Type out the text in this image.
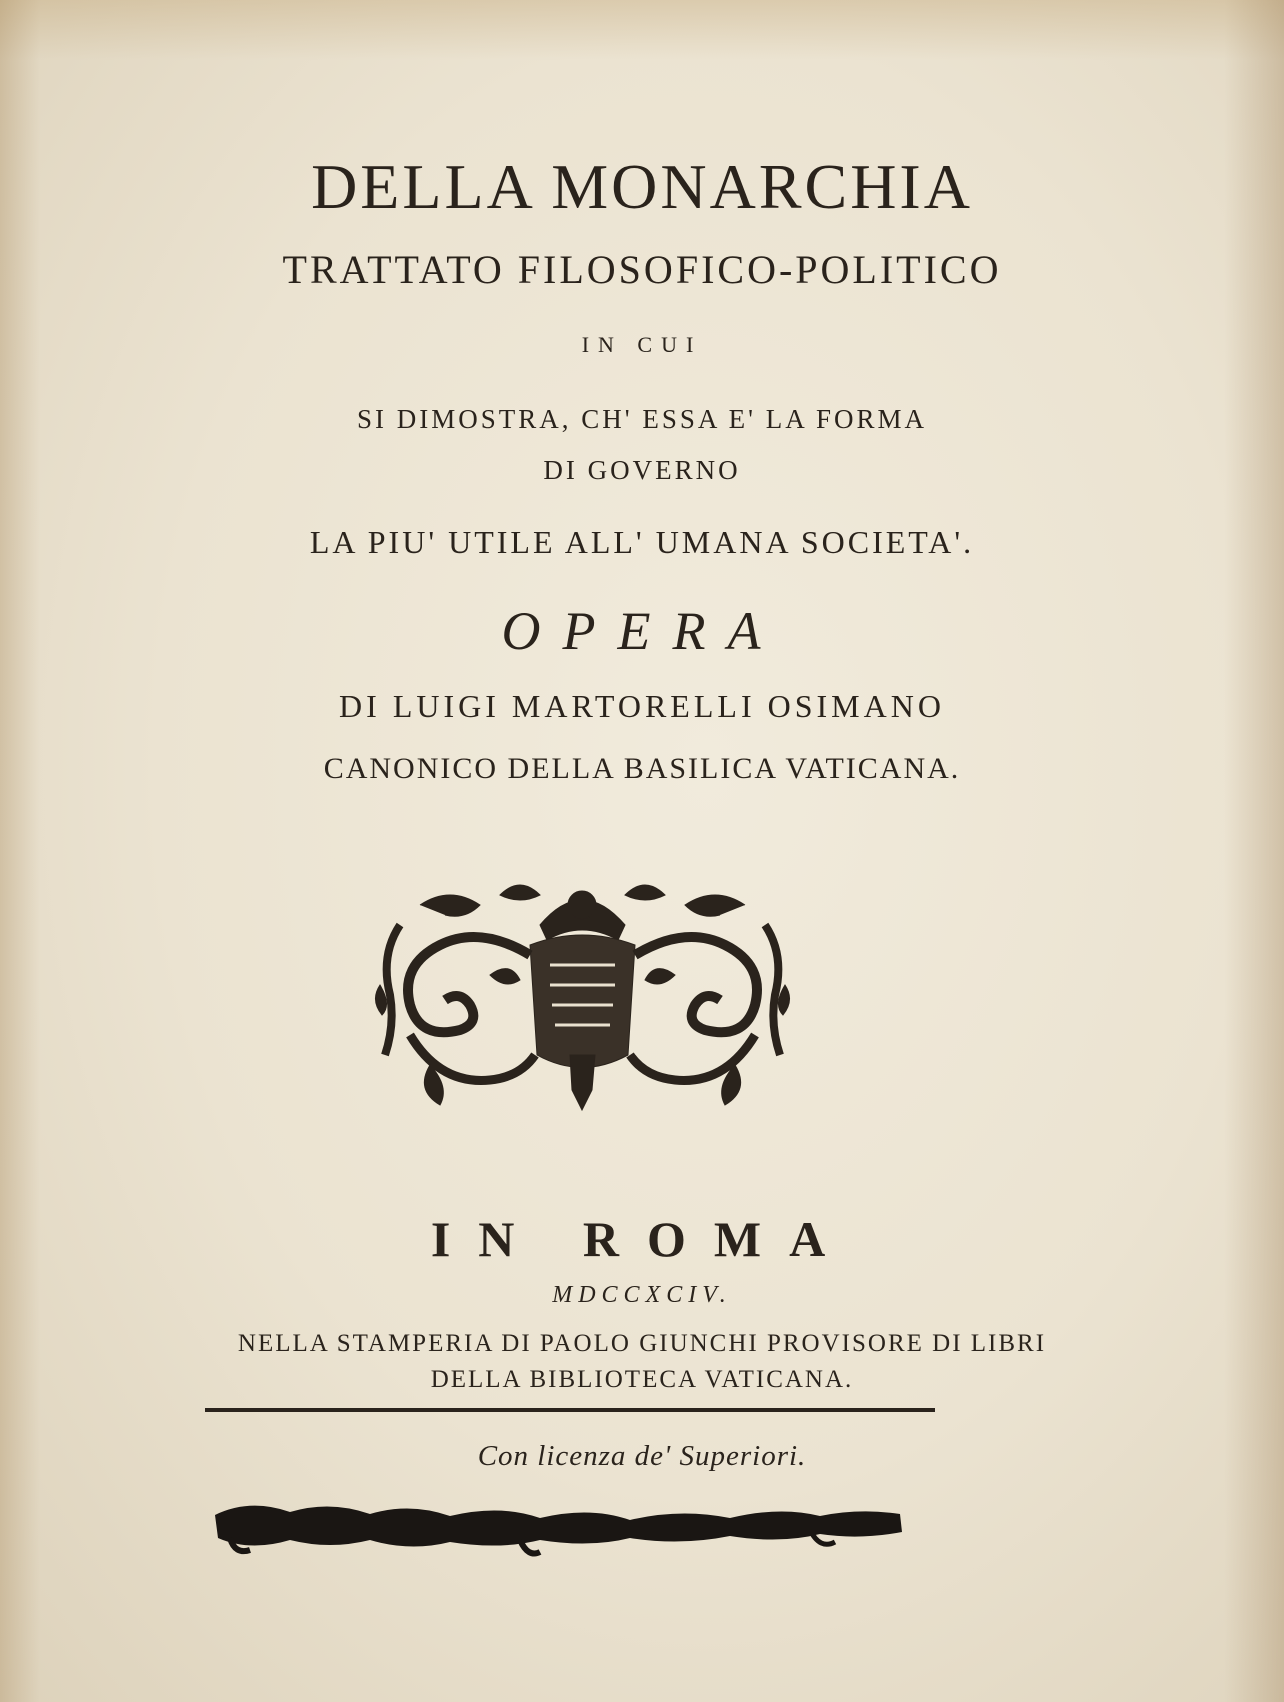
DELLA MONARCHIA

TRATTATO FILOSOFICO-POLITICO

IN CUI

SI DIMOSTRA, CH' ESSA E' LA FORMA

DI GOVERNO

LA PIU' UTILE ALL' UMANA SOCIETA'.

OPERA

DI LUIGI MARTORELLI OSIMANO

CANONICO DELLA BASILICA VATICANA.

IN ROMA

MDCCXCIV.

NELLA STAMPERIA DI PAOLO GIUNCHI PROVISORE DI LIBRI

DELLA BIBLIOTECA VATICANA.

Con licenza de' Superiori.
